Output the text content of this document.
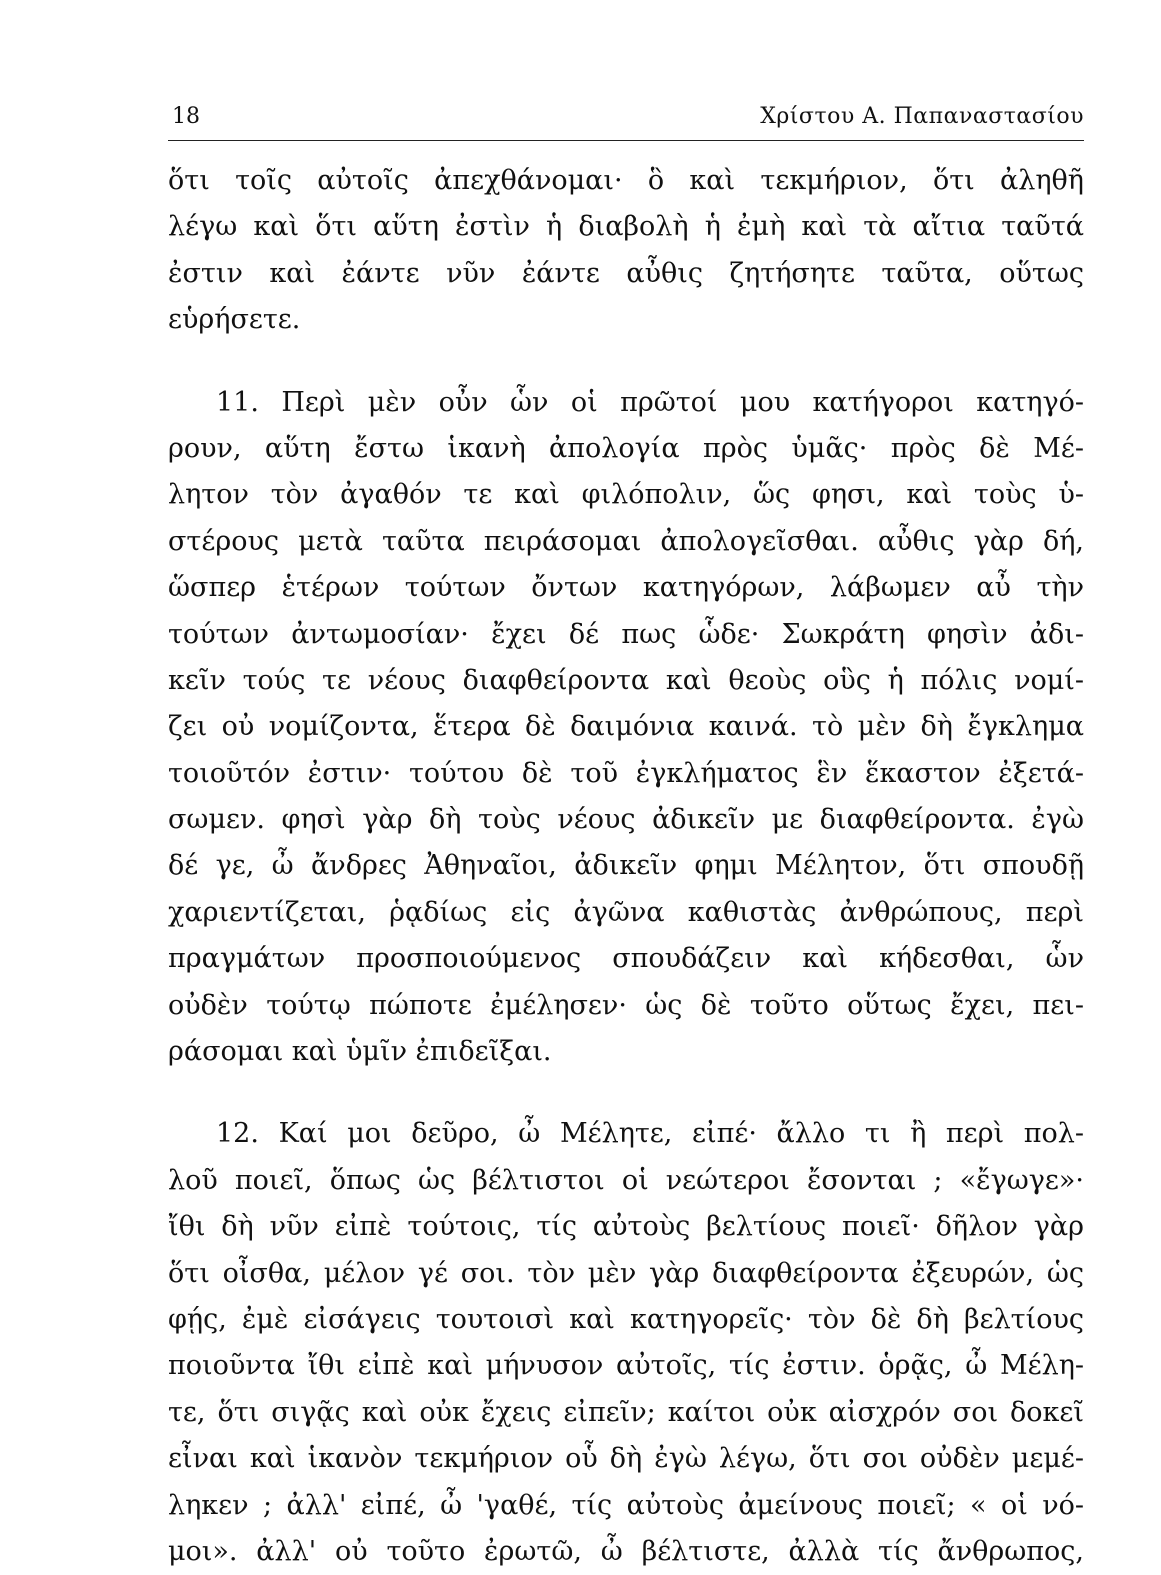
18	Χρίστου Α. Παπαναστασίου
ὅτι τοῖς αὐτοῖς ἀπεχθάνομαι· ὃ καὶ τεκμήριον, ὅτι ἀληθῆ
λέγω καὶ ὅτι αὕτη ἐστὶν ἡ διαβολὴ ἡ ἐμὴ καὶ τὰ αἴτια ταῦτά
ἐστιν καὶ ἐάντε νῦν ἐάντε αὖθις ζητήσητε ταῦτα, οὕτως
εὑρήσετε.
11. Περὶ μὲν οὖν ὧν οἱ πρῶτοί μου κατήγοροι κατηγό-
ρουν, αὕτη ἔστω ἱκανὴ ἀπολογία πρὸς ὑμᾶς· πρὸς δὲ Μέ-
λητον τὸν ἀγαθόν τε καὶ φιλόπολιν, ὥς φησι, καὶ τοὺς ὑ-
στέρους μετὰ ταῦτα πειράσομαι ἀπολογεῖσθαι. αὖθις γὰρ δή,
ὥσπερ ἑτέρων τούτων ὄντων κατηγόρων, λάβωμεν αὖ τὴν
τούτων ἀντωμοσίαν· ἔχει δέ πως ὧδε· Σωκράτη φησὶν ἀδι-
κεῖν τούς τε νέους διαφθείροντα καὶ θεοὺς οὓς ἡ πόλις νομί-
ζει οὐ νομίζοντα, ἕτερα δὲ δαιμόνια καινά. τὸ μὲν δὴ ἔγκλημα
τοιοῦτόν ἐστιν· τούτου δὲ τοῦ ἐγκλήματος ἓν ἕκαστον ἐξετά-
σωμεν. φησὶ γὰρ δὴ τοὺς νέους ἀδικεῖν με διαφθείροντα. ἐγὼ
δέ γε, ὦ ἄνδρες Ἀθηναῖοι, ἀδικεῖν φημι Μέλητον, ὅτι σπουδῇ
χαριεντίζεται, ῥᾳδίως εἰς ἀγῶνα καθιστὰς ἀνθρώπους, περὶ
πραγμάτων προσποιούμενος σπουδάζειν καὶ κήδεσθαι, ὧν
οὐδὲν τούτῳ πώποτε ἐμέλησεν· ὡς δὲ τοῦτο οὕτως ἔχει, πει-
ράσομαι καὶ ὑμῖν ἐπιδεῖξαι.
12. Καί μοι δεῦρο, ὦ Μέλητε, εἰπέ· ἄλλο τι ἢ περὶ πολ-
λοῦ ποιεῖ, ὅπως ὡς βέλτιστοι οἱ νεώτεροι ἔσονται ; «ἔγωγε»·
ἴθι δὴ νῦν εἰπὲ τούτοις, τίς αὐτοὺς βελτίους ποιεῖ· δῆλον γὰρ
ὅτι οἶσθα, μέλον γέ σοι. τὸν μὲν γὰρ διαφθείροντα ἐξευρών, ὡς
φῄς, ἐμὲ εἰσάγεις τουτοισὶ καὶ κατηγορεῖς· τὸν δὲ δὴ βελτίους
ποιοῦντα ἴθι εἰπὲ καὶ μήνυσον αὐτοῖς, τίς ἐστιν. ὁρᾷς, ὦ Μέλη-
τε, ὅτι σιγᾷς καὶ οὐκ ἔχεις εἰπεῖν; καίτοι οὐκ αἰσχρόν σοι δοκεῖ
εἶναι καὶ ἱκανὸν τεκμήριον οὗ δὴ ἐγὼ λέγω, ὅτι σοι οὐδὲν μεμέ-
ληκεν ; ἀλλ' εἰπέ, ὦ 'γαθέ, τίς αὐτοὺς ἀμείνους ποιεῖ; « οἱ νό-
μοι». ἀλλ' οὐ τοῦτο ἐρωτῶ, ὦ βέλτιστε, ἀλλὰ τίς ἄνθρωπος,
